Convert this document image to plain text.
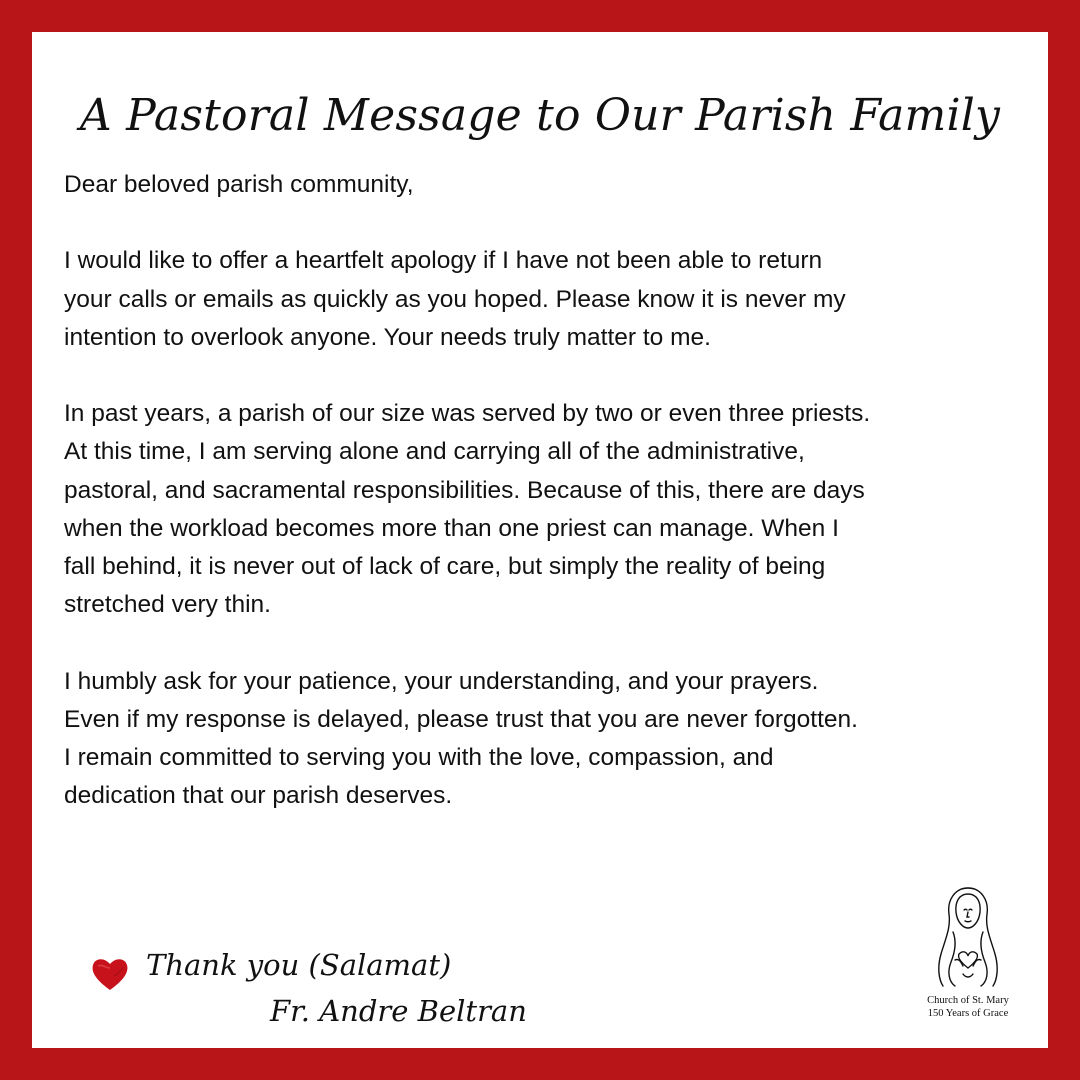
A Pastoral Message to Our Parish Family

Dear beloved parish community,

I would like to offer a heartfelt apology if I have not been able to return
your calls or emails as quickly as you hoped. Please know it is never my
intention to overlook anyone. Your needs truly matter to me.

In past years, a parish of our size was served by two or even three priests.
At this time, I am serving alone and carrying all of the administrative,
pastoral, and sacramental responsibilities. Because of this, there are days
when the workload becomes more than one priest can manage. When I
fall behind, it is never out of lack of care, but simply the reality of being
stretched very thin.

I humbly ask for your patience, your understanding, and your prayers.
Even if my response is delayed, please trust that you are never forgotten.
I remain committed to serving you with the love, compassion, and
dedication that our parish deserves.

Thank you (Salamat)
Fr. Andre Beltran	Church of St. Mary
150 Years of Grace
